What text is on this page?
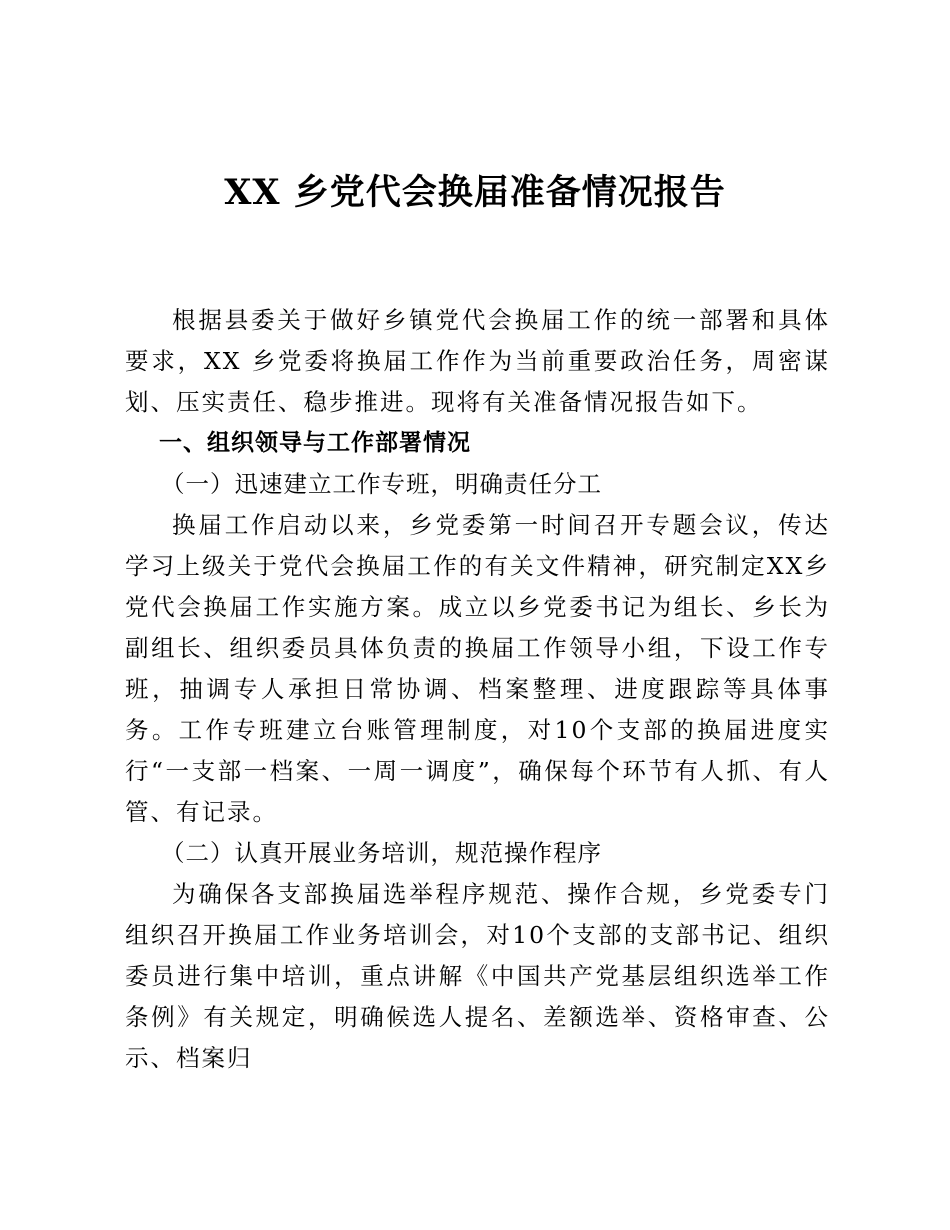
XX 乡党代会换届准备情况报告

根据县委关于做好乡镇党代会换届工作的统一部署和具体要求，XX 乡党委将换届工作作为当前重要政治任务，周密谋划、压实责任、稳步推进。现将有关准备情况报告如下。

一、组织领导与工作部署情况

（一）迅速建立工作专班，明确责任分工

换届工作启动以来，乡党委第一时间召开专题会议，传达学习上级关于党代会换届工作的有关文件精神，研究制定XX乡党代会换届工作实施方案。成立以乡党委书记为组长、乡长为副组长、组织委员具体负责的换届工作领导小组，下设工作专班，抽调专人承担日常协调、档案整理、进度跟踪等具体事务。工作专班建立台账管理制度，对10个支部的换届进度实行“一支部一档案、一周一调度”，确保每个环节有人抓、有人管、有记录。

（二）认真开展业务培训，规范操作程序

为确保各支部换届选举程序规范、操作合规，乡党委专门组织召开换届工作业务培训会，对10个支部的支部书记、组织委员进行集中培训，重点讲解《中国共产党基层组织选举工作条例》有关规定，明确候选人提名、差额选举、资格审查、公示、档案归
